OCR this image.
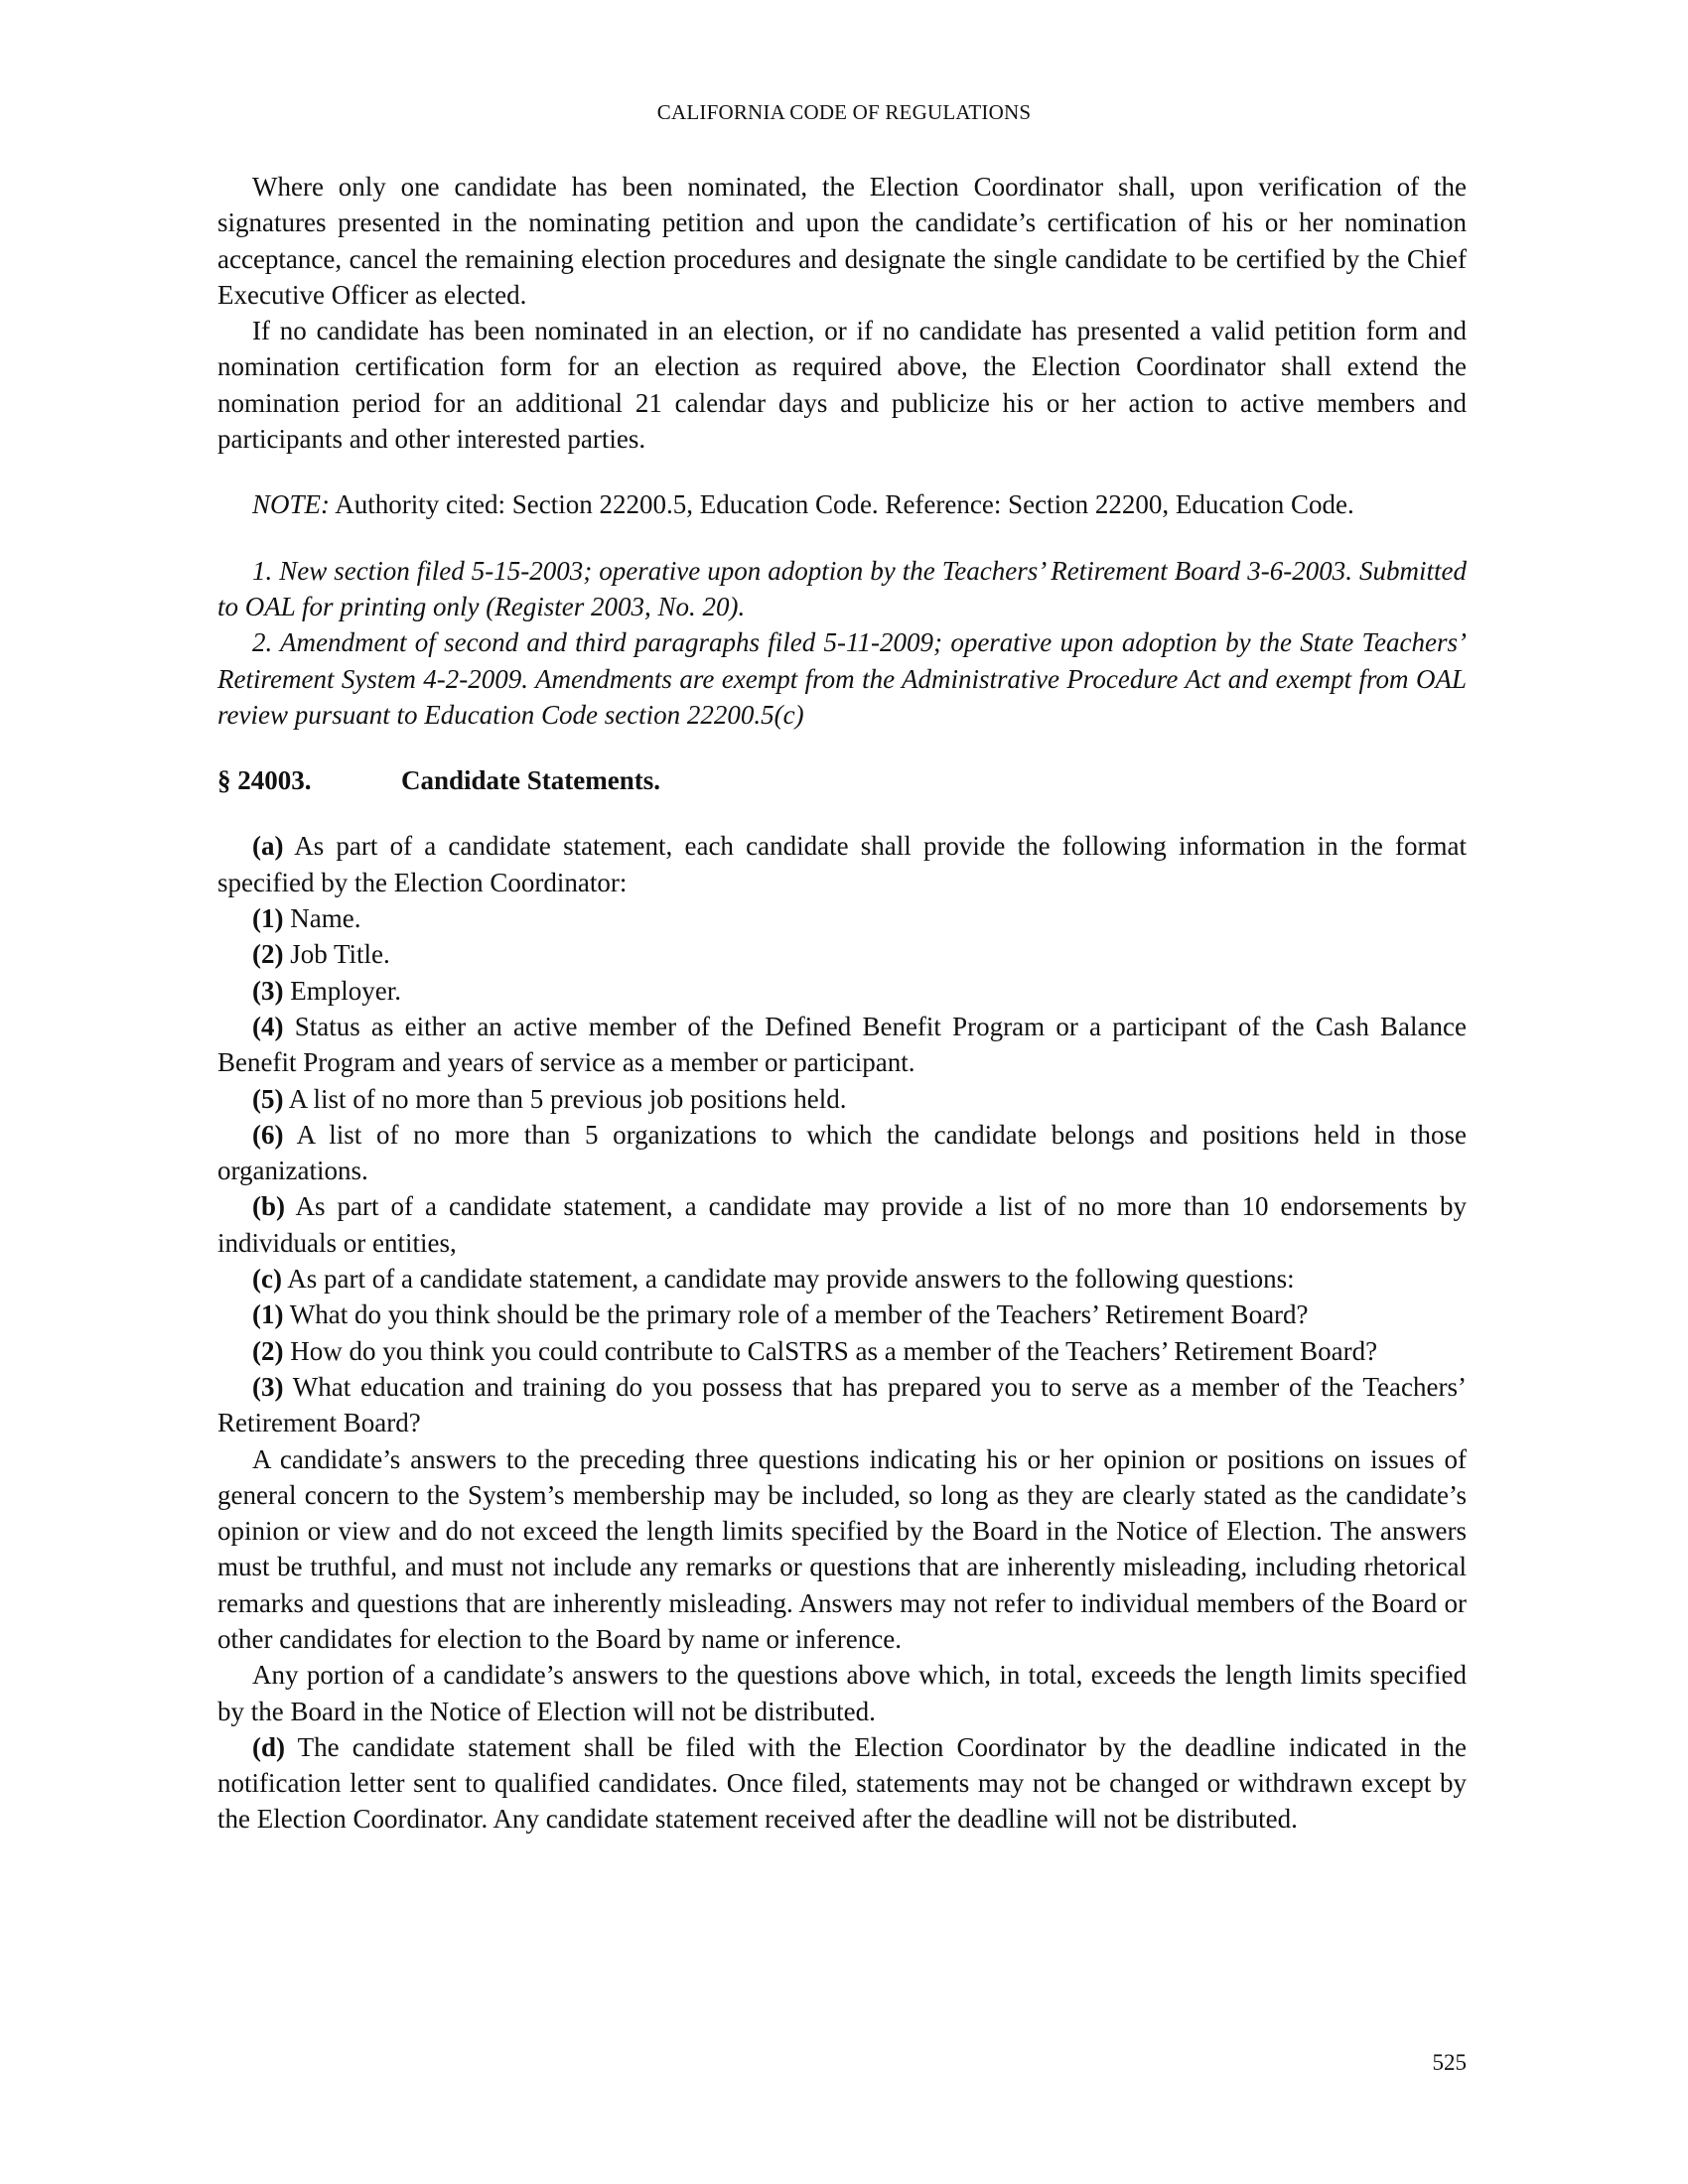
CALIFORNIA CODE OF REGULATIONS

Where only one candidate has been nominated, the Election Coordinator shall, upon verification of the signatures presented in the nominating petition and upon the candidate’s certification of his or her nomination acceptance, cancel the remaining election procedures and designate the single candidate to be certified by the Chief Executive Officer as elected.

If no candidate has been nominated in an election, or if no candidate has presented a valid petition form and nomination certification form for an election as required above, the Election Coordinator shall extend the nomination period for an additional 21 calendar days and publicize his or her action to active members and participants and other interested parties.

NOTE: Authority cited: Section 22200.5, Education Code. Reference: Section 22200, Education Code.

1. New section filed 5-15-2003; operative upon adoption by the Teachers’ Retirement Board 3-6-2003. Submitted to OAL for printing only (Register 2003, No. 20).

2. Amendment of second and third paragraphs filed 5-11-2009; operative upon adoption by the State Teachers’ Retirement System 4-2-2009. Amendments are exempt from the Administrative Procedure Act and exempt from OAL review pursuant to Education Code section 22200.5(c)

§ 24003.	Candidate Statements.

(a) As part of a candidate statement, each candidate shall provide the following information in the format specified by the Election Coordinator:

(1) Name.

(2) Job Title.

(3) Employer.

(4) Status as either an active member of the Defined Benefit Program or a participant of the Cash Balance Benefit Program and years of service as a member or participant.

(5) A list of no more than 5 previous job positions held.

(6) A list of no more than 5 organizations to which the candidate belongs and positions held in those organizations.

(b) As part of a candidate statement, a candidate may provide a list of no more than 10 endorsements by individuals or entities,

(c) As part of a candidate statement, a candidate may provide answers to the following questions:

(1) What do you think should be the primary role of a member of the Teachers’ Retirement Board?

(2) How do you think you could contribute to CalSTRS as a member of the Teachers’ Retirement Board?

(3) What education and training do you possess that has prepared you to serve as a member of the Teachers’ Retirement Board?

A candidate’s answers to the preceding three questions indicating his or her opinion or positions on issues of general concern to the System’s membership may be included, so long as they are clearly stated as the candidate’s opinion or view and do not exceed the length limits specified by the Board in the Notice of Election. The answers must be truthful, and must not include any remarks or questions that are inherently misleading, including rhetorical remarks and questions that are inherently misleading. Answers may not refer to individual members of the Board or other candidates for election to the Board by name or inference.

Any portion of a candidate’s answers to the questions above which, in total, exceeds the length limits specified by the Board in the Notice of Election will not be distributed.

(d) The candidate statement shall be filed with the Election Coordinator by the deadline indicated in the notification letter sent to qualified candidates. Once filed, statements may not be changed or withdrawn except by the Election Coordinator. Any candidate statement received after the deadline will not be distributed.

525
